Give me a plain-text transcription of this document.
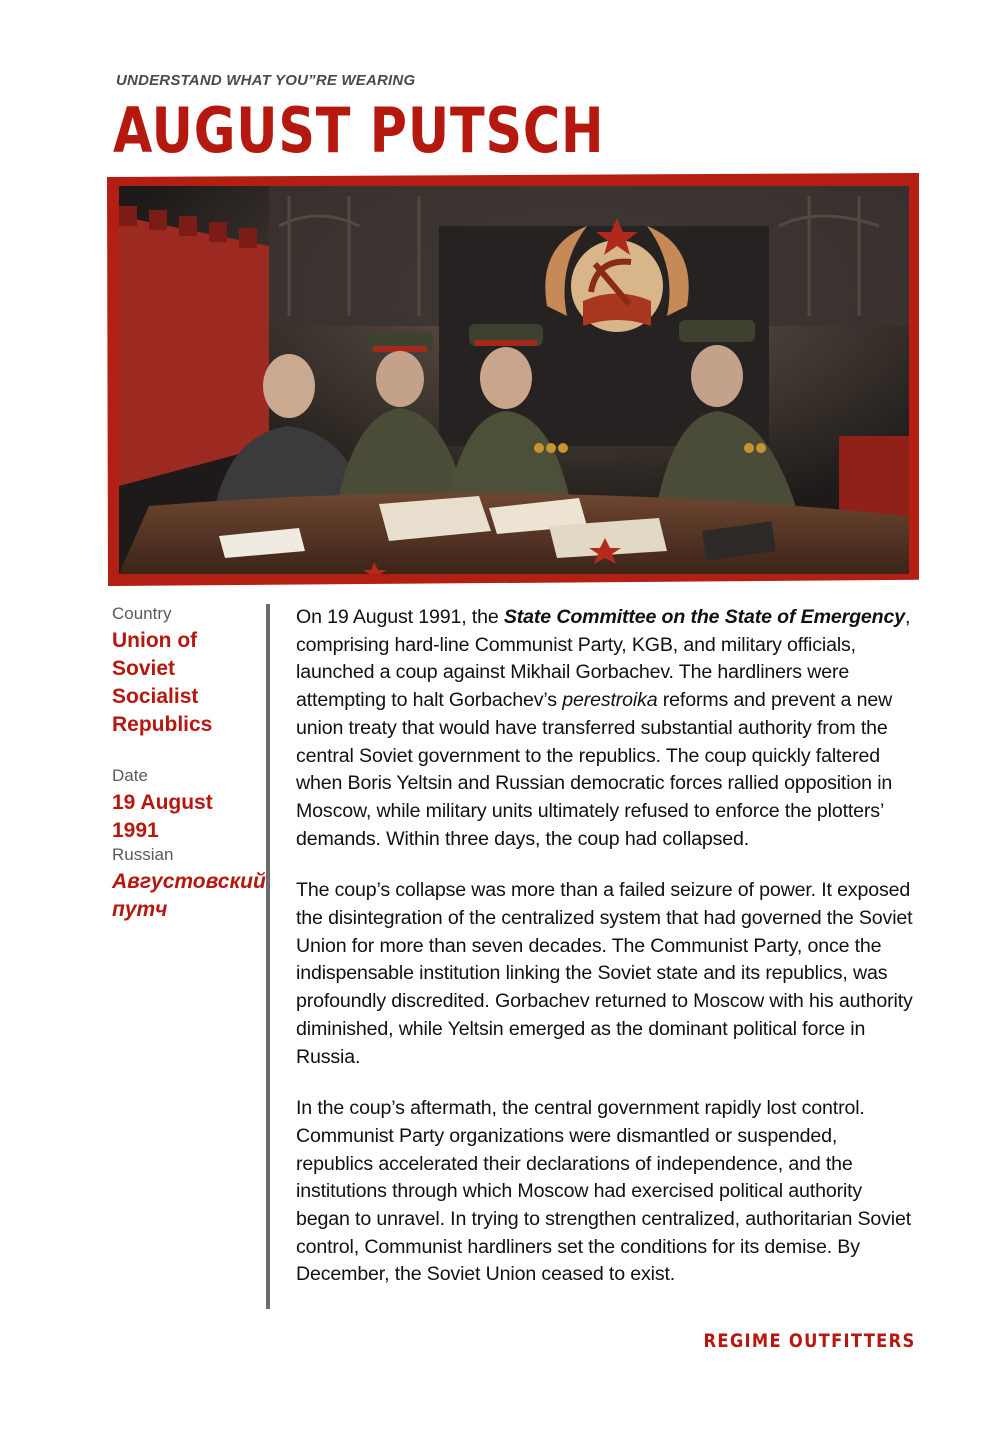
UNDERSTAND WHAT YOU”RE WEARING
AUGUST PUTSCH
Country
Union of Soviet Socialist Republics
Date
19 August 1991
Russian
Августовский путч

On 19 August 1991, the State Committee on the State of Emergency, comprising hard-line Communist Party, KGB, and military officials, launched a coup against Mikhail Gorbachev. The hardliners were attempting to halt Gorbachev’s perestroika reforms and prevent a new union treaty that would have transferred substantial authority from the central Soviet government to the republics. The coup quickly faltered when Boris Yeltsin and Russian democratic forces rallied opposition in Moscow, while military units ultimately refused to enforce the plotters’ demands. Within three days, the coup had collapsed.

The coup’s collapse was more than a failed seizure of power. It exposed the disintegration of the centralized system that had governed the Soviet Union for more than seven decades. The Communist Party, once the indispensable institution linking the Soviet state and its republics, was profoundly discredited. Gorbachev returned to Moscow with his authority diminished, while Yeltsin emerged as the dominant political force in Russia.

In the coup’s aftermath, the central government rapidly lost control. Communist Party organizations were dismantled or suspended, republics accelerated their declarations of independence, and the institutions through which Moscow had exercised political authority began to unravel. In trying to strengthen centralized, authoritarian Soviet control, Communist hardliners set the conditions for its demise. By December, the Soviet Union ceased to exist.

REGIME OUTFITTERS
